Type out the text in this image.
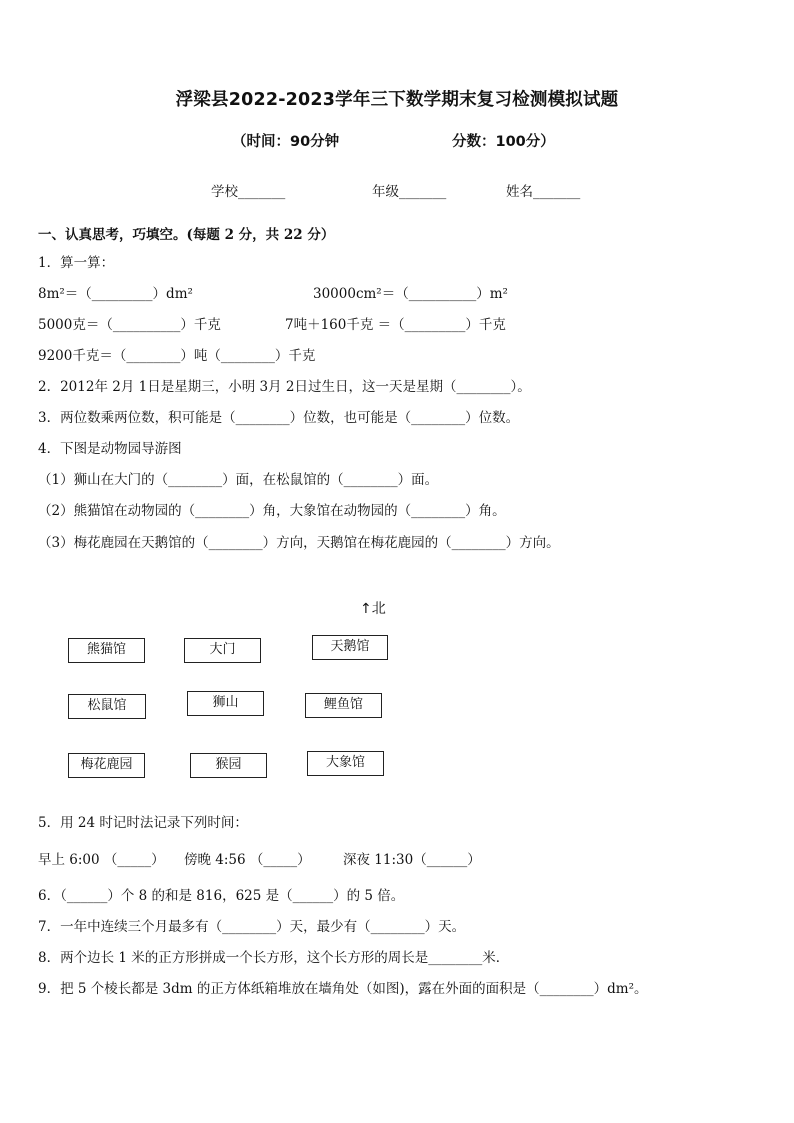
浮梁县2022-2023学年三下数学期末复习检测模拟试题
（时间：90分钟	分数：100分）
学校_______	年级_______	姓名_______
一、认真思考，巧填空。(每题 2 分，共 22 分）
1．算一算：
8m²＝（_________）dm²	30000cm²＝（__________）m²
5000克＝（__________）千克	7吨＋160千克 ＝（_________）千克
9200千克＝（________）吨（________）千克
2．2012年 2月 1日是星期三，小明 3月 2日过生日，这一天是星期（________）。
3．两位数乘两位数，积可能是（________）位数，也可能是（________）位数。
4．下图是动物园导游图
（1）狮山在大门的（________）面，在松鼠馆的（________）面。
（2）熊猫馆在动物园的（________）角，大象馆在动物园的（________）角。
（3）梅花鹿园在天鹅馆的（________）方向，天鹅馆在梅花鹿园的（________）方向。
↑北
熊猫馆	大门	天鹅馆
松鼠馆	狮山	鲤鱼馆
梅花鹿园	猴园	大象馆
5．用 24 时记时法记录下列时间：
早上 6:00 （_____） 傍晚 4:56 （_____） 深夜 11:30（______）
6．（______）个 8 的和是 816，625 是（______）的 5 倍。
7．一年中连续三个月最多有（________）天，最少有（________）天。
8．两个边长 1 米的正方形拼成一个长方形，这个长方形的周长是________米．
9．把 5 个棱长都是 3dm 的正方体纸箱堆放在墙角处（如图)，露在外面的面积是（________）dm²。
